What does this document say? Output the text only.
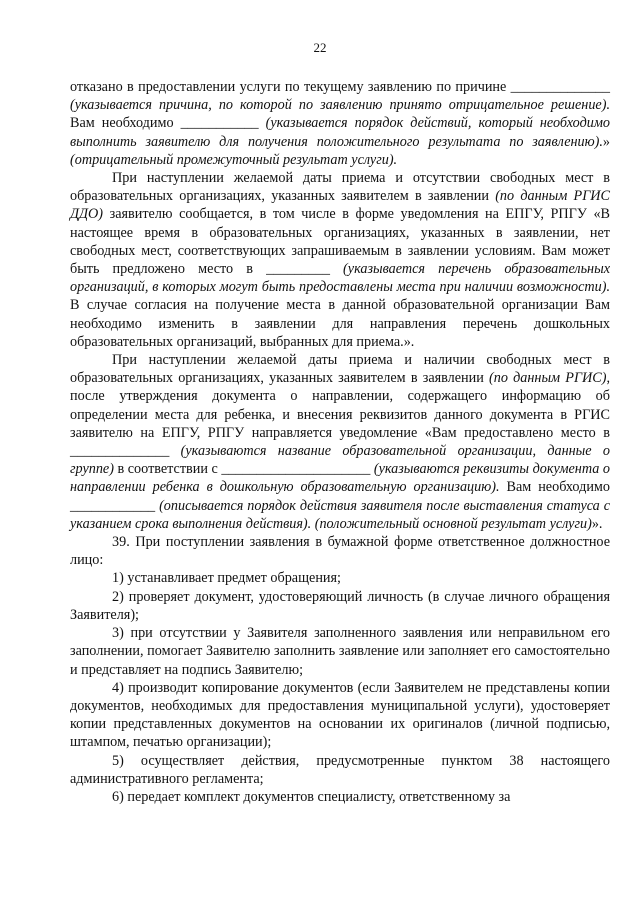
22

отказано в предоставлении услуги по текущему заявлению по причине ______________ (указывается причина, по которой по заявлению принято отрицательное решение). Вам необходимо ___________ (указывается порядок действий, который необходимо выполнить заявителю для получения положительного результата по заявлению).» (отрицательный промежуточный результат услуги).

При наступлении желаемой даты приема и отсутствии свободных мест в образовательных организациях, указанных заявителем в заявлении (по данным РГИС ДДО) заявителю сообщается, в том числе в форме уведомления на ЕПГУ, РПГУ «В настоящее время в образовательных организациях, указанных в заявлении, нет свободных мест, соответствующих запрашиваемым в заявлении условиям. Вам может быть предложено место в _________ (указывается перечень образовательных организаций, в которых могут быть предоставлены места при наличии возможности). В случае согласия на получение места в данной образовательной организации Вам необходимо изменить в заявлении для направления перечень дошкольных образовательных организаций, выбранных для приема.».

При наступлении желаемой даты приема и наличии свободных мест в образовательных организациях, указанных заявителем в заявлении (по данным РГИС), после утверждения документа о направлении, содержащего информацию об определении места для ребенка, и внесения реквизитов данного документа в РГИС заявителю на ЕПГУ, РПГУ направляется уведомление «Вам предоставлено место в ______________ (указываются название образовательной организации, данные о группе) в соответствии с _____________________ (указываются реквизиты документа о направлении ребенка в дошкольную образовательную организацию). Вам необходимо ____________ (описывается порядок действия заявителя после выставления статуса с указанием срока выполнения действия). (положительный основной результат услуги)».

39. При поступлении заявления в бумажной форме ответственное должностное лицо:

1) устанавливает предмет обращения;

2) проверяет документ, удостоверяющий личность (в случае личного обращения Заявителя);

3) при отсутствии у Заявителя заполненного заявления или неправильном его заполнении, помогает Заявителю заполнить заявление или заполняет его самостоятельно и представляет на подпись Заявителю;

4) производит копирование документов (если Заявителем не представлены копии документов, необходимых для предоставления муниципальной услуги), удостоверяет копии представленных документов на основании их оригиналов (личной подписью, штампом, печатью организации);

5) осуществляет действия, предусмотренные пунктом 38 настоящего административного регламента;

6) передает комплект документов специалисту, ответственному за
